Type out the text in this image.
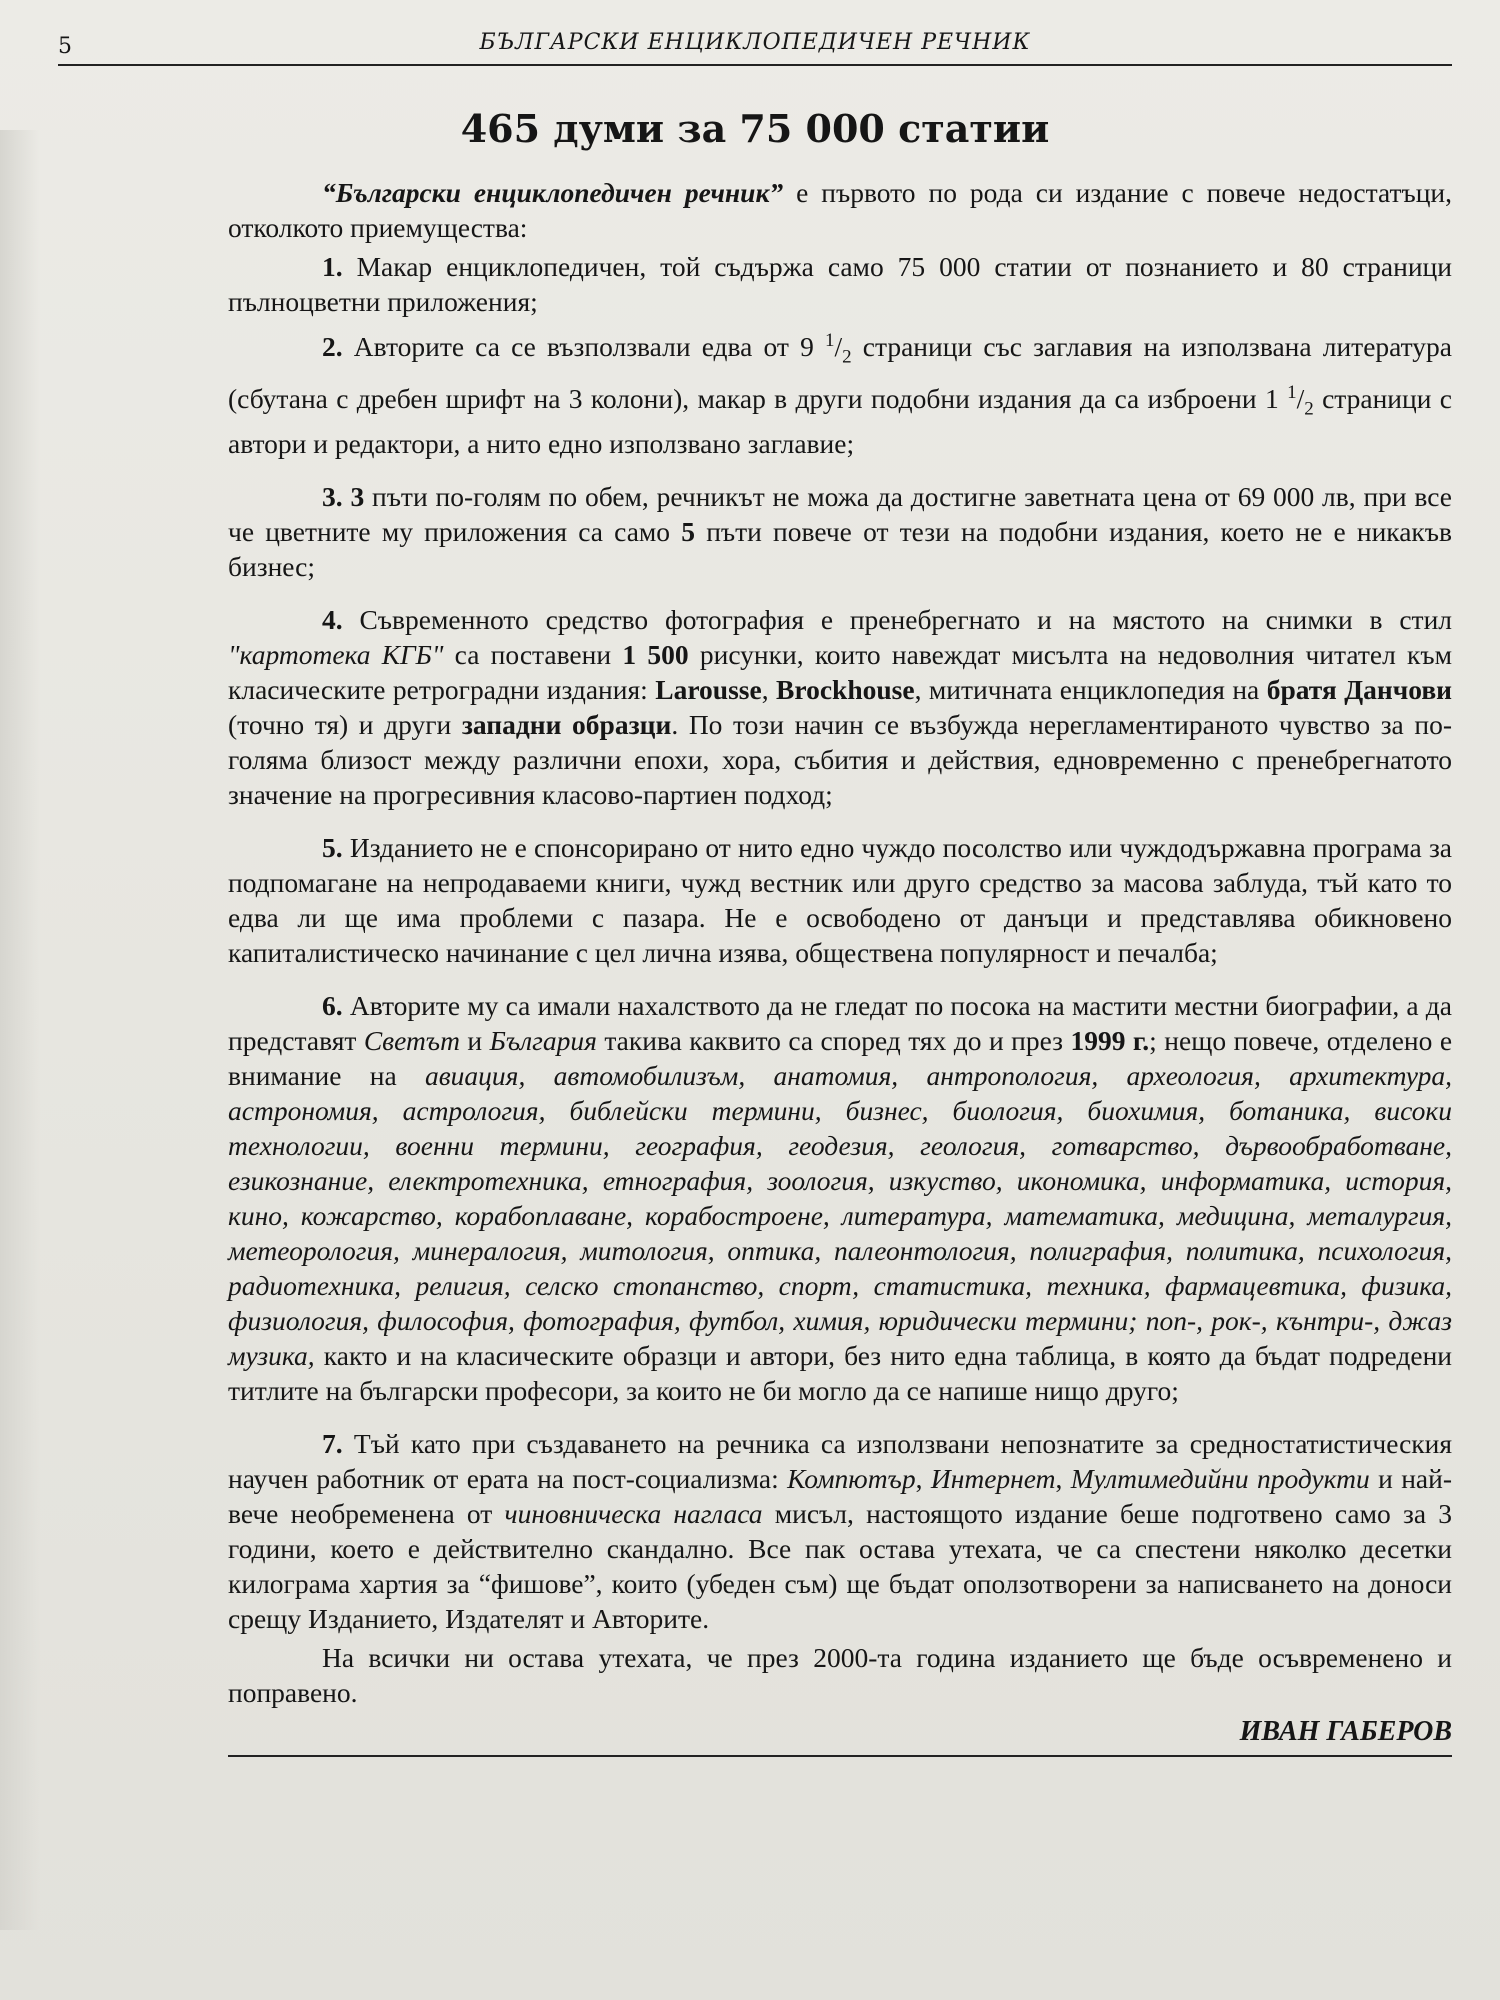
5	БЪЛГАРСКИ ЕНЦИКЛОПЕДИЧЕН РЕЧНИК
465 думи за 75 000 статии

“Български енциклопедичен речник” е първото по рода си издание с повече недостатъци, отколкото приемущества:

1. Макар енциклопедичен, той съдържа само 75 000 статии от познанието и 80 страници пълноцветни приложения;

2. Авторите са се възползвали едва от 9 $^1/_2$ страници със заглавия на използвана литература (сбутана с дребен шрифт на 3 колони), макар в други подобни издания да са изброени 1 $^1/_2$ страници с автори и редактори, а нито едно използвано заглавие;

3. 3 пъти по-голям по обем, речникът не можа да достигне заветната цена от 69 000 лв, при все че цветните му приложения са само 5 пъти повече от тези на подобни издания, което не е никакъв бизнес;

4. Съвременното средство фотография е пренебрегнато и на мястото на снимки в стил "картотека КГБ" са поставени 1 500 рисунки, които навеждат мисълта на недоволния читател към класическите ретроградни издания: Larousse, Brockhouse, митичната енциклопедия на братя Данчови (точно тя) и други западни образци. По този начин се възбужда нерегламентираното чувство за по-голяма близост между различни епохи, хора, събития и действия, едновременно с пренебрегнатото значение на прогресивния класово-партиен подход;

5. Изданието не е спонсорирано от нито едно чуждо посолство или чуждодържавна програма за подпомагане на непродаваеми книги, чужд вестник или друго средство за масова заблуда, тъй като то едва ли ще има проблеми с пазара. Не е освободено от данъци и представлява обикновено капиталистическо начинание с цел лична изява, обществена популярност и печалба;

6. Авторите му са имали нахалството да не гледат по посока на мастити местни биографии, а да представят Светът и България такива каквито са според тях до и през 1999 г.; нещо повече, отделено е внимание на авиация, автомобилизъм, анатомия, антропология, археология, архитектура, астрономия, астрология, библейски термини, бизнес, биология, биохимия, ботаника, високи технологии, военни термини, география, геодезия, геология, готварство, дървообработване, езикознание, електротехника, етнография, зоология, изкуство, икономика, информатика, история, кино, кожарство, корабоплаване, корабостроене, литература, математика, медицина, металургия, метеорология, минералогия, митология, оптика, палеонтология, полиграфия, политика, психология, радиотехника, религия, селско стопанство, спорт, статистика, техника, фармацевтика, физика, физиология, философия, фотография, футбол, химия, юридически термини; поп-, рок-, кънтри-, джаз музика, както и на класическите образци и автори, без нито една таблица, в която да бъдат подредени титлите на български професори, за които не би могло да се напише нищо друго;

7. Тъй като при създаването на речника са използвани непознатите за средностатистическия научен работник от ерата на пост-социализма: Компютър, Интернет, Мултимедийни продукти и най-вече необременена от чиновническа нагласа мисъл, настоящото издание беше подготвено само за 3 години, което е действително скандално. Все пак остава утехата, че са спестени няколко десетки килограма хартия за “фишове”, които (убеден съм) ще бъдат оползотворени за написването на доноси срещу Изданието, Издателят и Авторите.

На всички ни остава утехата, че през 2000-та година изданието ще бъде осъвременено и поправено.

ИВАН ГАБЕРОВ
